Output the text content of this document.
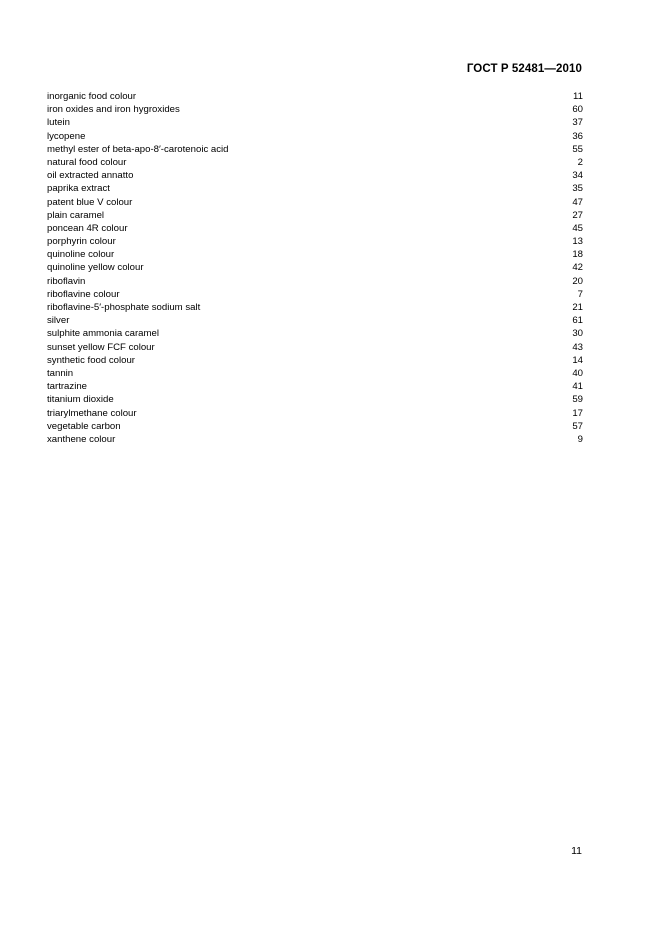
ГОСТ Р 52481—2010
inorganic food colour	11
iron oxides and iron hygroxides	60
lutein	37
lycopene	36
methyl ester of beta-apo-8′-carotenoic acid	55
natural food colour	2
oil extracted annatto	34
paprika extract	35
patent blue V colour	47
plain caramel	27
poncean 4R colour	45
porphyrin colour	13
quinoline colour	18
quinoline yellow colour	42
riboflavin	20
riboflavine colour	7
riboflavine-5′-phosphate sodium salt	21
silver	61
sulphite ammonia caramel	30
sunset yellow FCF colour	43
synthetic food colour	14
tannin	40
tartrazine	41
titanium dioxide	59
triarylmethane colour	17
vegetable carbon	57
xanthene colour	9
11
